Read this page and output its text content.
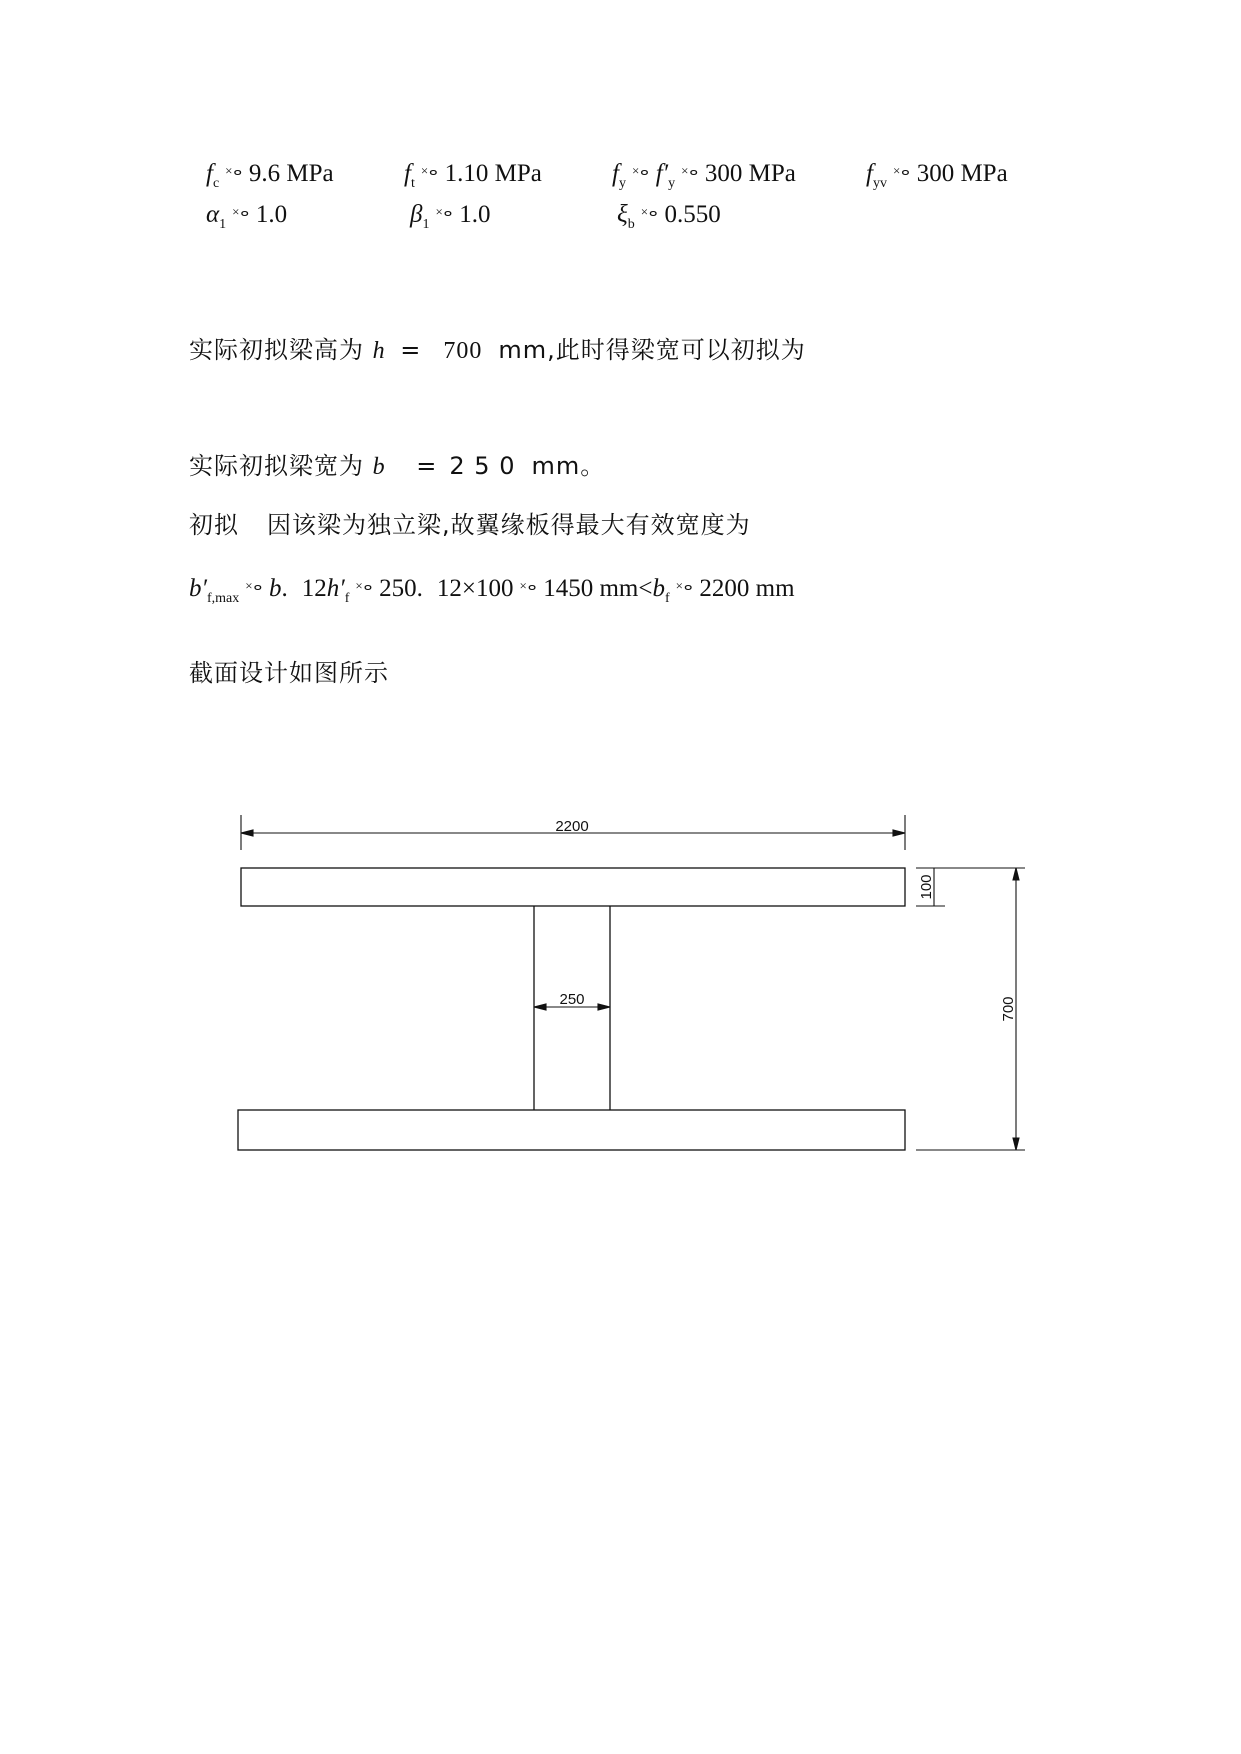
$f_c^{\times ⴰ}$ 9.6 MPa	$f_t^{\times ⴰ}$ 1.10 MPa	$f_y^{\times ⴰ}$ $f'_y^{\times ⴰ}$ 300 MPa	$f_{yv}^{\times ⴰ}$ 300 MPa
$\alpha_1^{\times ⴰ}$ 1.0	$\beta_1^{\times ⴰ}$ 1.0	$\xi_b^{\times ⴰ}$ 0.550
实际初拟梁高为 h = 700 mm,此时得梁宽可以初拟为
实际初拟梁宽为 b = 2 5 0 mm。
初拟 因该梁为独立梁,故翼缘板得最大有效宽度为
$b'_{f,max}^{\times ⴰ}$ b. $12h'_f^{\times ⴰ}$ 250. 12×100 $^{\times ⴰ}$ 1450 $mm<b_f^{\times ⴰ}$ 2200 mm
截面设计如图所示
2200
250
100
700
